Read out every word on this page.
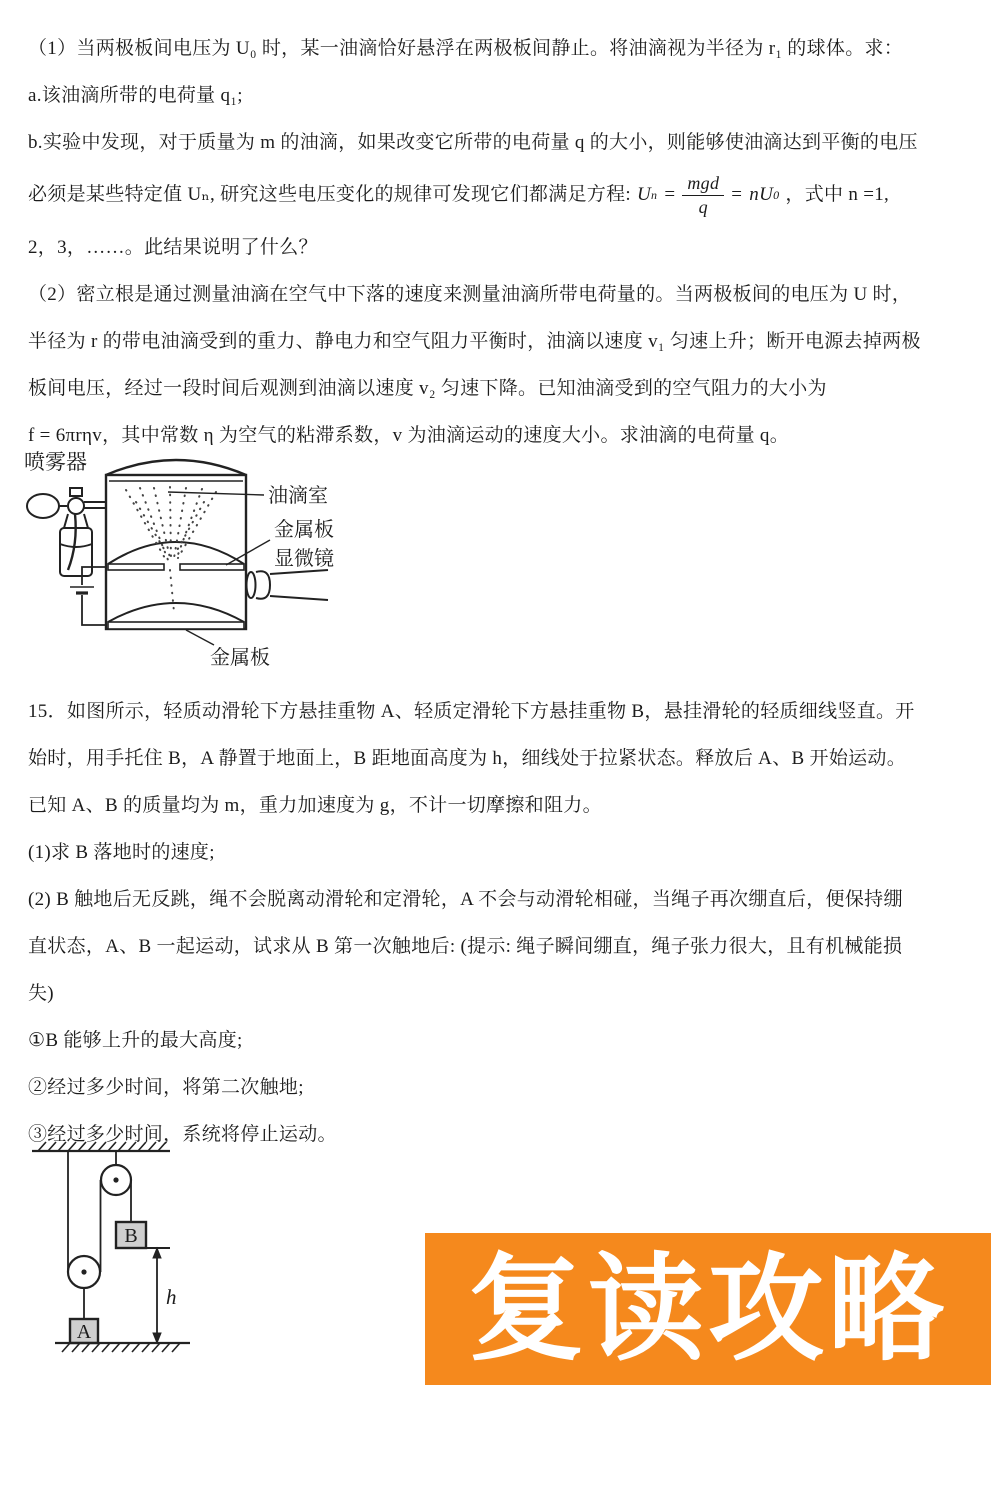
（1）当两极板间电压为 U₀ 时，某一油滴恰好悬浮在两极板间静止。将油滴视为半径为 r₁ 的球体。求：
a.该油滴所带的电荷量 q₁;
b.实验中发现，对于质量为 m 的油滴，如果改变它所带的电荷量 q 的大小，则能够使油滴达到平衡的电压
必须是某些特定值 Uₙ, 研究这些电压变化的规律可发现它们都满足方程: U $n = \frac{\text{mgd}}{q}$ = nU 0 ，式中 n =1,
2，3，……。此结果说明了什么？
（2）密立根是通过测量油滴在空气中下落的速度来测量油滴所带电荷量的。当两极板间的电压为 U 时，
半径为 r 的带电油滴受到的重力、静电力和空气阻力平衡时，油滴以速度 v₁ 匀速上升；断开电源去掉两极
板间电压，经过一段时间后观测到油滴以速度 v₂ 匀速下降。已知油滴受到的空气阻力的大小为
f = 6πrηv，其中常数 η 为空气的粘滞系数，v 为油滴运动的速度大小。求油滴的电荷量 q。
喷雾器
油滴室
金属板
显微镜
金属板
15．如图所示，轻质动滑轮下方悬挂重物 A、轻质定滑轮下方悬挂重物 B，悬挂滑轮的轻质细线竖直。开
始时，用手托住 B，A 静置于地面上，B 距地面高度为 h，细线处于拉紧状态。释放后 A、B 开始运动。
已知 A、B 的质量均为 m，重力加速度为 g，不计一切摩擦和阻力。
(1)求 B 落地时的速度;
(2) B 触地后无反跳，绳不会脱离动滑轮和定滑轮，A 不会与动滑轮相碰，当绳子再次绷直后，便保持绷
直状态，A、B 一起运动，试求从 B 第一次触地后: (提示: 绳子瞬间绷直，绳子张力很大，且有机械能损
失)
①B 能够上升的最大高度;
②经过多少时间，将第二次触地;
③经过多少时间，系统将停止运动。
B
h
A	复读攻略
